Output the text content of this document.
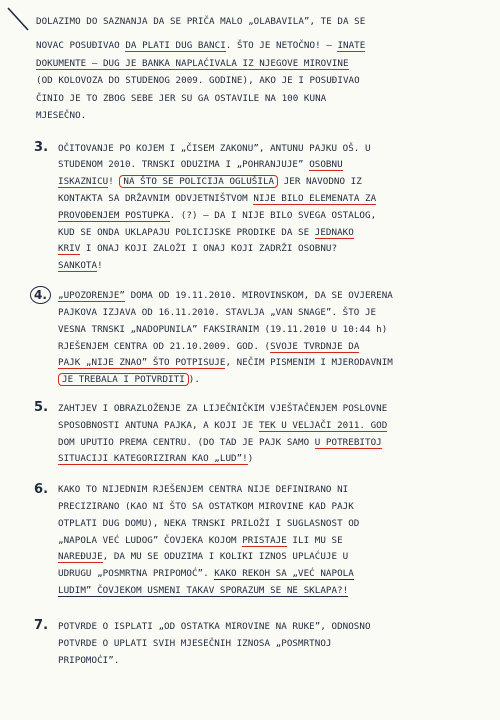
DOLAZIMO DO SAZNANJA DA SE PRIČA MALO „OLABAVILA”, TE DA SE
NOVAC POSUĐIVAO DA PLATI DUG BANCI. ŠTO JE NETOČNO! – INATE
DOKUMENTE – DUG JE BANKA NAPLAĆIVALA IZ NJEGOVE MIROVINE
(OD KOLOVOZA DO STUDENOG 2009. GODINE), AKO JE I POSUĐIVAO
ČINIO JE TO ZBOG SEBE JER SU GA OSTAVILE NA 100 KUNA
MJESEČNO.
3. OČITOVANJE PO KOJEM I „ČISEM ZAKONU”, ANTUNU PAJKU OŠ. U
STUDENOM 2010. TRNSKI ODUZIMA I „POHRANJUJE” OSOBNU
ISKAZNICU! NA ŠTO SE POLICIJA OGLUŠILA JER NAVODNO IZ
KONTAKTA SA DRŽAVNIM ODVJETNIŠTVOM NIJE BILO ELEMENATA ZA
PROVOĐENJEM POSTUPKA. (?) – DA I NIJE BILO SVEGA OSTALOG,
KUD SE ONDA UKLAPAJU POLICIJSKE PRODIKE DA SE JEDNAKO
KRIV I ONAJ KOJI ZALOŽI I ONAJ KOJI ZADRŽI OSOBNU?
SANKOTA!
4.	„UPOZORENJE” DOMA OD 19.11.2010. MIROVINSKOM, DA SE OVJERENA
PAJKOVA IZJAVA OD 16.11.2010. STAVLJA „VAN SNAGE”. ŠTO JE
VESNA TRNSKI „NADOPUNILA” FAKSIRANIM (19.11.2010 U 10:44 h)
RJEŠENJEM CENTRA OD 21.10.2009. GOD. (SVOJE TVRDNJE DA
PAJK „NIJE ZNAO” ŠTO POTPISUJE, NEČIM PISMENIM I MJERODAVNIM
JE TREBALA I POTVRDITI ).
5. ZAHTJEV I OBRAZLOŽENJE ZA LIJEČNIČKIM VJEŠTAČENJEM POSLOVNE
SPOSOBNOSTI ANTUNA PAJKA, A KOJI JE TEK U VELJAČI 2011. GOD
DOM UPUTIO PREMA CENTRU. (DO TAD JE PAJK SAMO U POTREBITOJ
SITUACIJI KATEGORIZIRAN KAO „LUD”!)
6. KAKO TO NIJEDNIM RJEŠENJEM CENTRA NIJE DEFINIRANO NI
PRECIZIRANO (KAO NI ŠTO SA OSTATKOM MIROVINE KAD PAJK
OTPLATI DUG DOMU), NEKA TRNSKI PRILOŽI I SUGLASNOST OD
„NAPOLA VEĆ LUDOG” ČOVJEKA KOJOM PRISTAJE ILI MU SE
NAREĐUJE, DA MU SE ODUZIMA I KOLIKI IZNOS UPLAĆUJE U
UDRUGU „POSMRTNA PRIPOMOĆ”. KAKO REKOH SA „VEĆ NAPOLA
LUDIM” ČOVJEKOM USMENI TAKAV SPORAZUM SE NE SKLAPA?!
7. POTVRDE O ISPLATI „OD OSTATKA MIROVINE NA RUKE”, ODNOSNO
POTVRDE O UPLATI SVIH MJESEČNIH IZNOSA „POSMRTNOJ
PRIPOMOĆI”.
